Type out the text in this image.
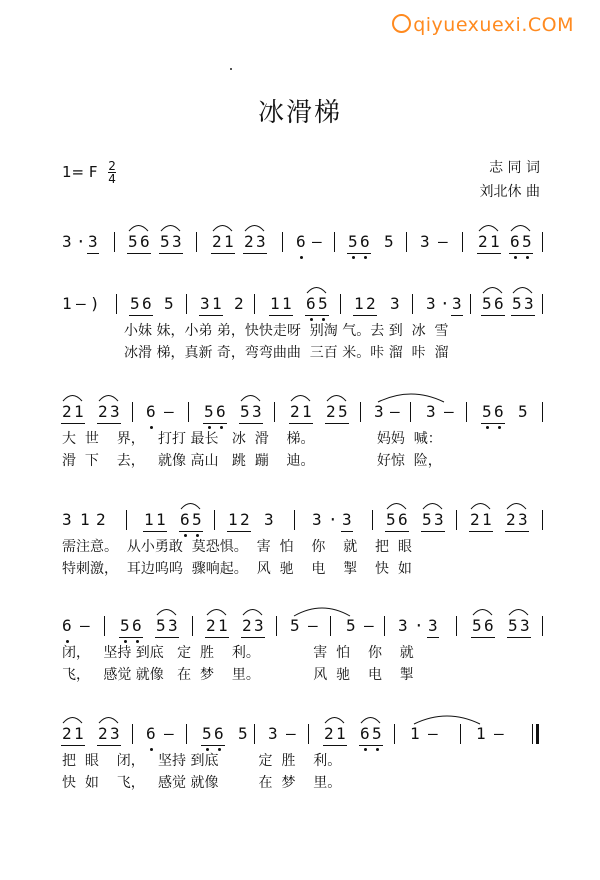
qiyuexuexi.COM
冰滑梯
1= F $\frac{2}{4}$	志 同 词
刘北休 曲
3 · 3 5 6 5 3 2 1 2 3 6 – 5 6 5 3 – 2 1 6 5
1 – ) 5 6 5 3 1 2 1 1 6 5 1 2 3 3 · 3 5 6 5 3
小妹 妹，小弟 弟，快快走呀  别淘 气。去 到  冰  雪
冰滑 梯，真新 奇，弯弯曲曲  三百 米。咔 溜  咔  溜
2 1 2 3 6 – 5 6 5 3 2 1 2 5 3 – 3 – 5 6 5
大  世    界，   打打 最长   冰  滑    梯。              妈妈  喊：
滑  下    去，   就像 高山   跳  蹦    迪。              好惊  险，
3 1 2 1 1 6 5 1 2 3 3 · 3 5 6 5 3 2 1 2 3
需注意。  从小勇敢  莫恐惧。  害  怕    你    就    把  眼
特刺激，  耳边呜呜  骤响起。  风  驰    电    掣    快  如
6 – 5 6 5 3 2 1 2 3 5 – 5 – 3 · 3 5 6 5 3
闭，   坚持 到底   定  胜    利。            害  怕    你    就
飞，   感觉 就像   在  梦    里。            风  驰    电    掣
2 1 2 3 6 – 5 6 5 3 – 2 1 6 5 1 – 1 –
把  眼    闭，   坚持 到底         定  胜    利。
快  如    飞，   感觉 就像         在  梦    里。
